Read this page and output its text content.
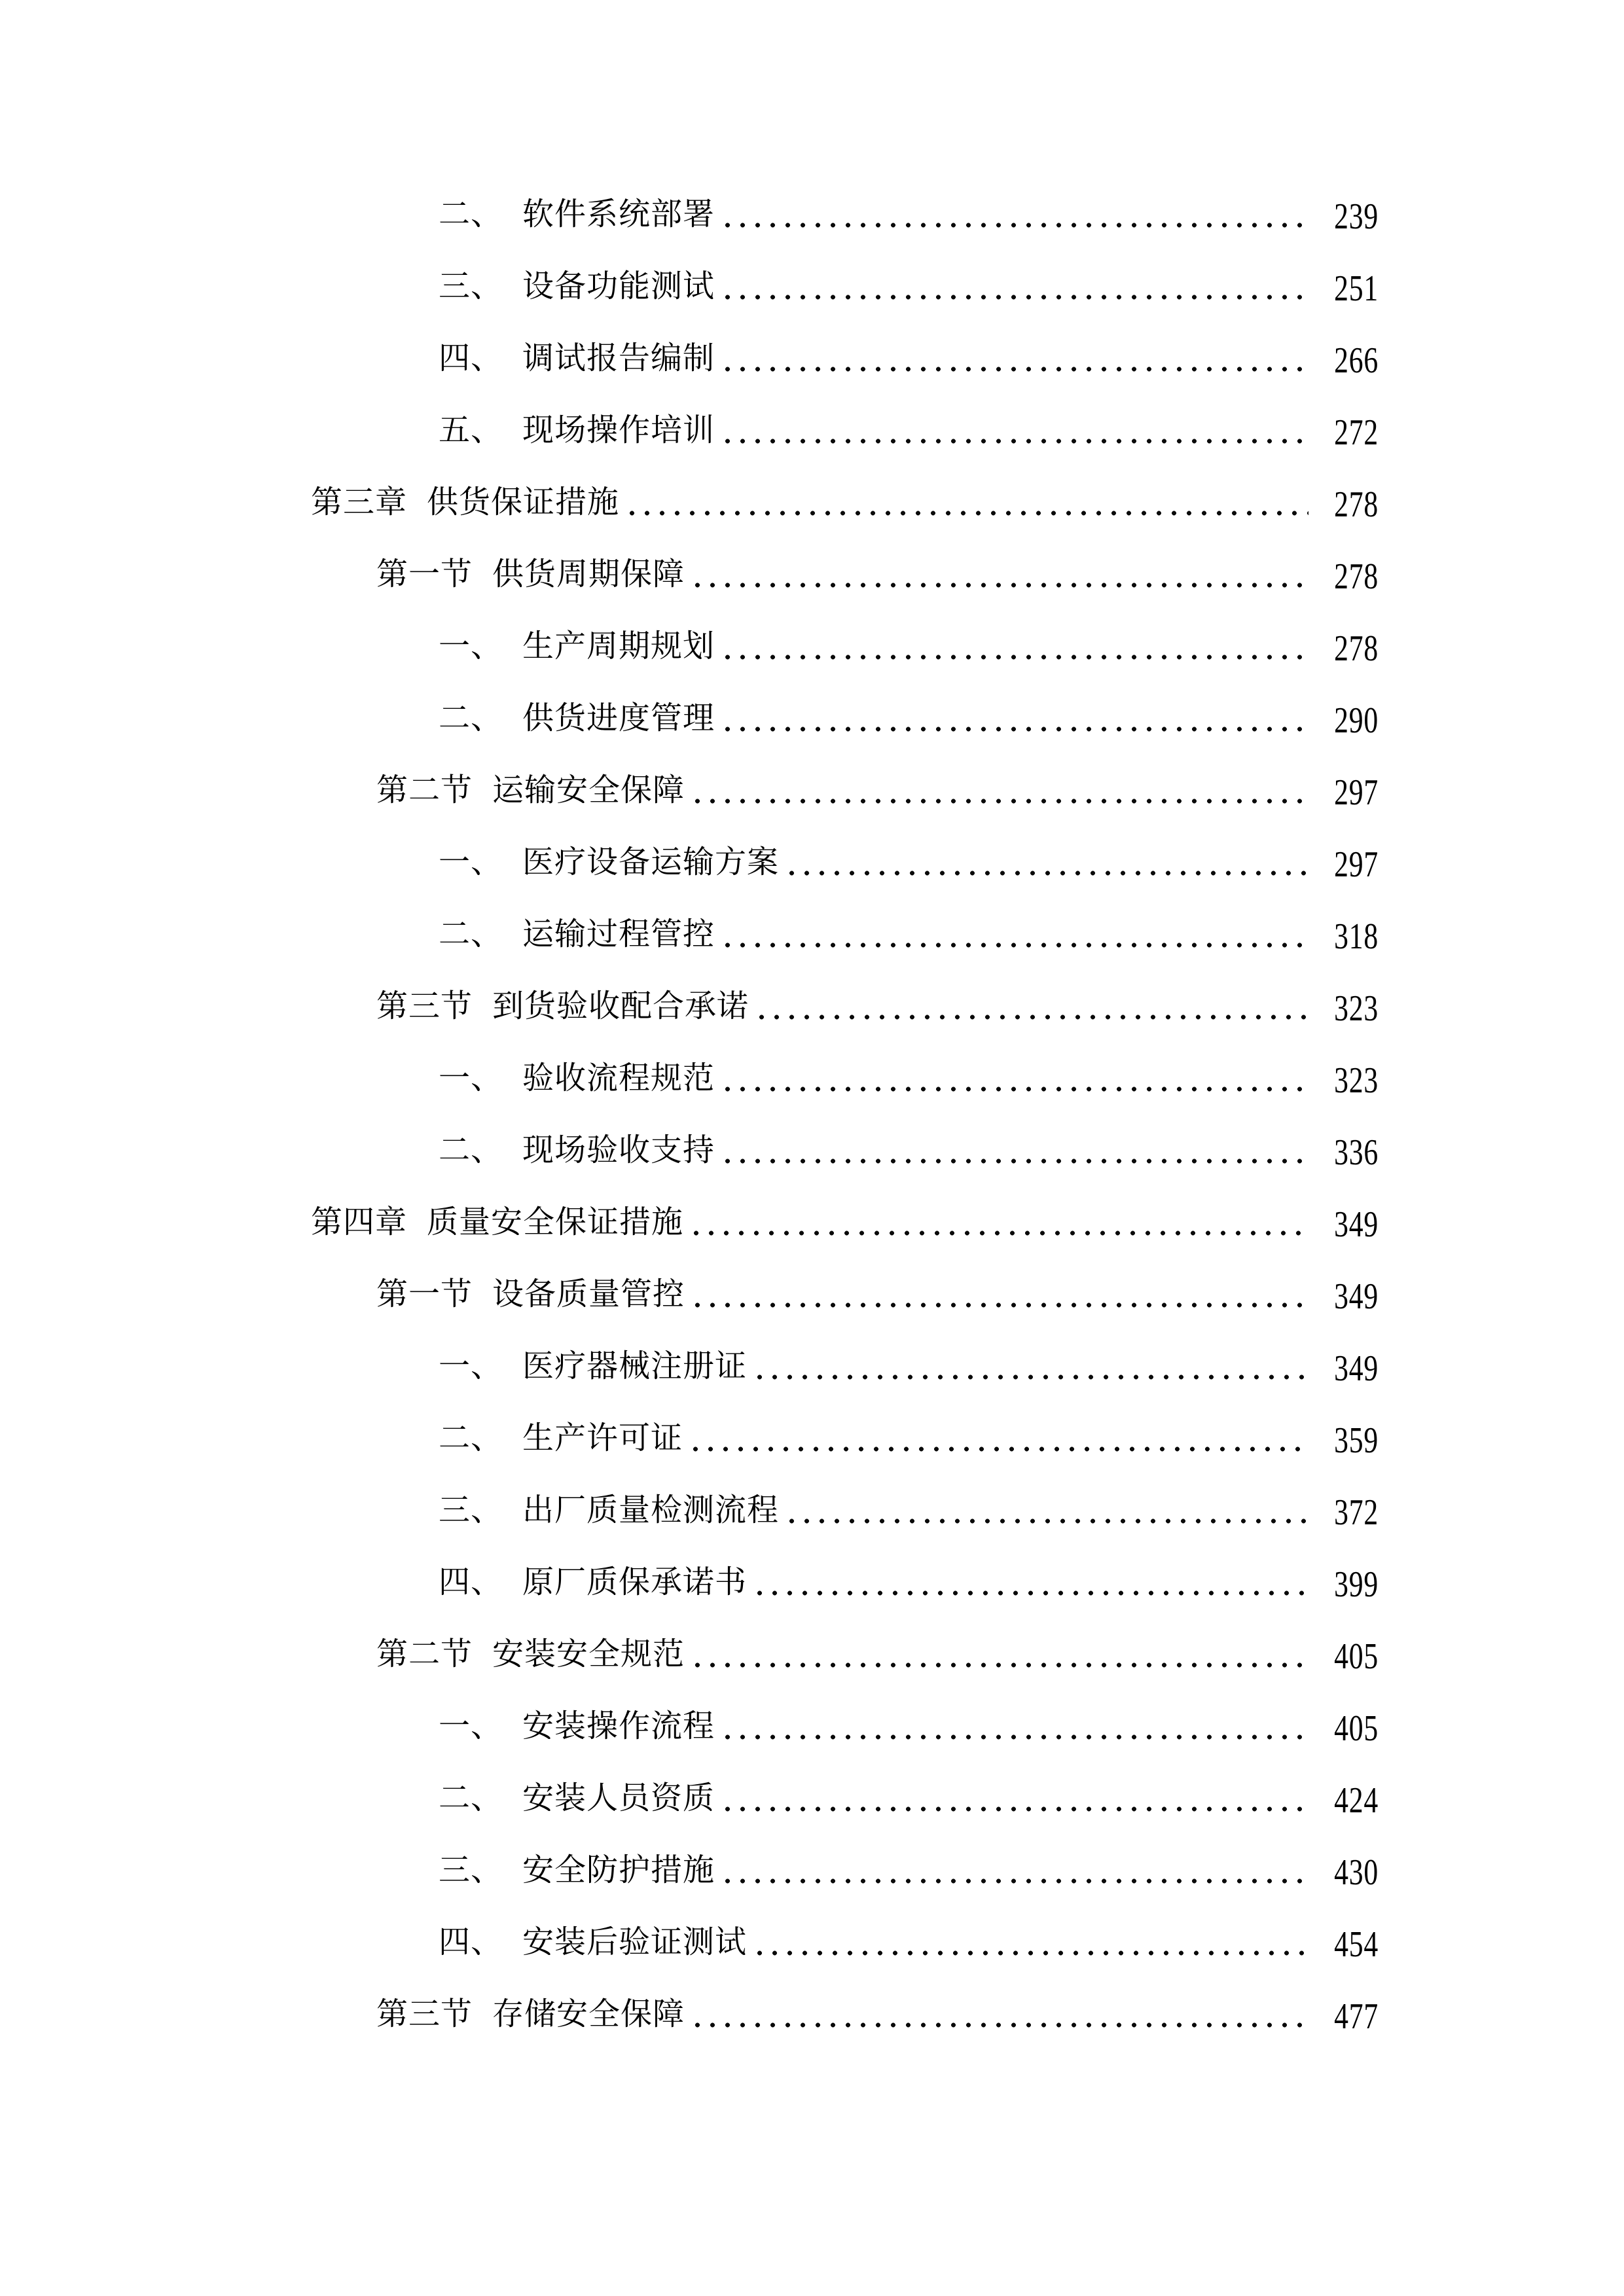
二、 软件系统部署	239
三、 设备功能测试	251
四、 调试报告编制	266
五、 现场操作培训	272
第三章 供货保证措施	278
第一节 供货周期保障	278
一、 生产周期规划	278
二、 供货进度管理	290
第二节 运输安全保障	297
一、 医疗设备运输方案	297
二、 运输过程管控	318
第三节 到货验收配合承诺	323
一、 验收流程规范	323
二、 现场验收支持	336
第四章 质量安全保证措施	349
第一节 设备质量管控	349
一、 医疗器械注册证	349
二、 生产许可证	359
三、 出厂质量检测流程	372
四、 原厂质保承诺书	399
第二节 安装安全规范	405
一、 安装操作流程	405
二、 安装人员资质	424
三、 安全防护措施	430
四、 安装后验证测试	454
第三节 存储安全保障	477
